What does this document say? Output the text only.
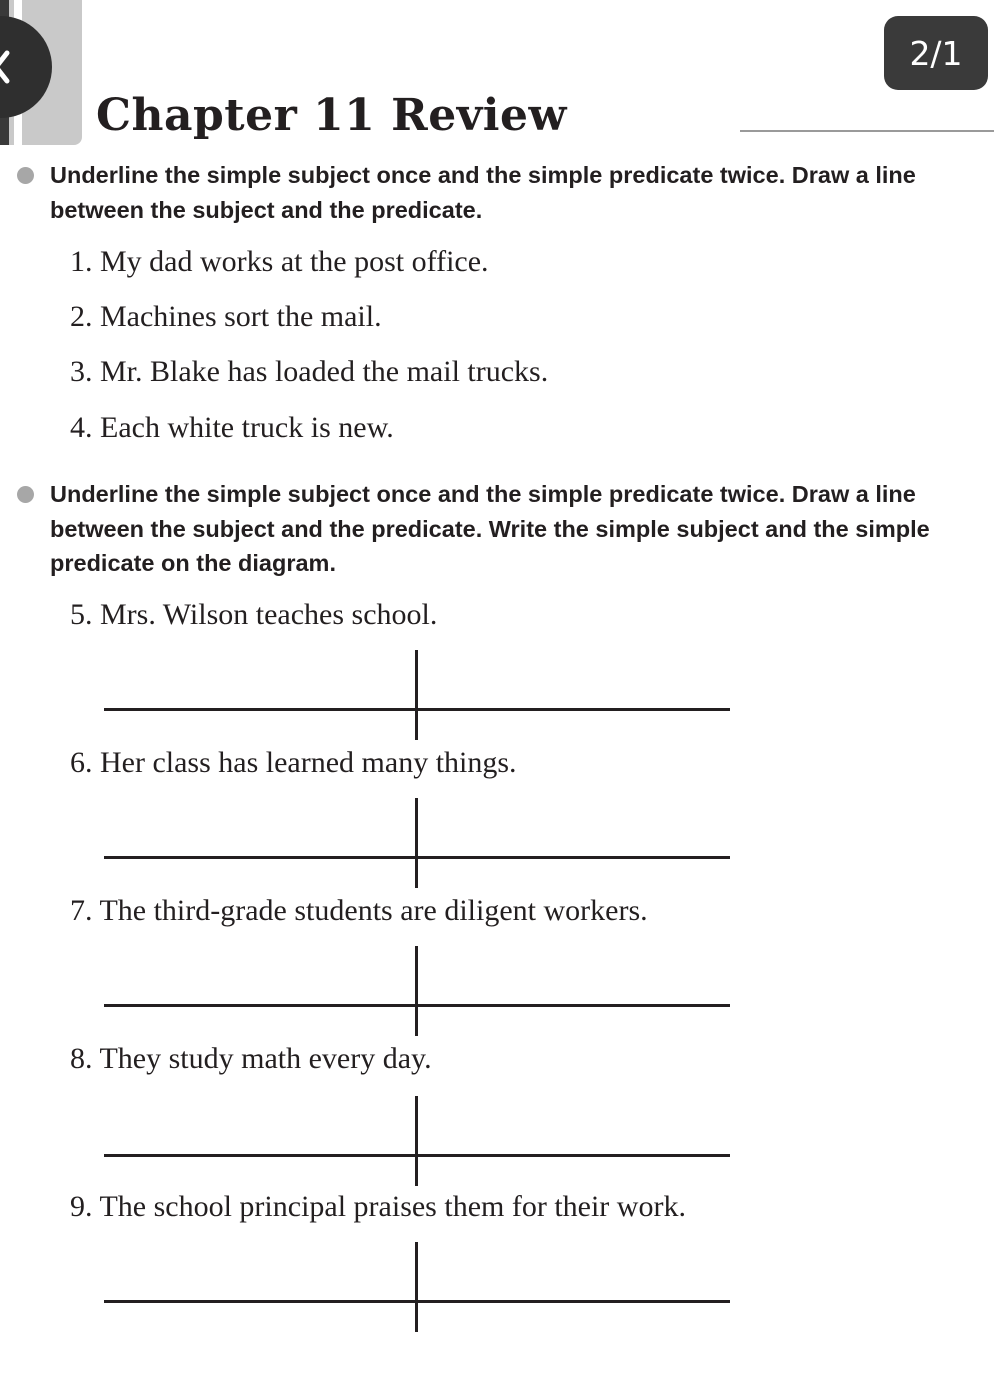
2/1
Chapter 11 Review

Underline the simple subject once and the simple predicate twice. Draw a line between the subject and the predicate.

1. My dad works at the post office.

2. Machines sort the mail.

3. Mr. Blake has loaded the mail trucks.

4. Each white truck is new.

Underline the simple subject once and the simple predicate twice. Draw a line between the subject and the predicate. Write the simple subject and the simple predicate on the diagram.

5. Mrs. Wilson teaches school.

6. Her class has learned many things.

7. The third-grade students are diligent workers.

8. They study math every day.

9. The school principal praises them for their work.
